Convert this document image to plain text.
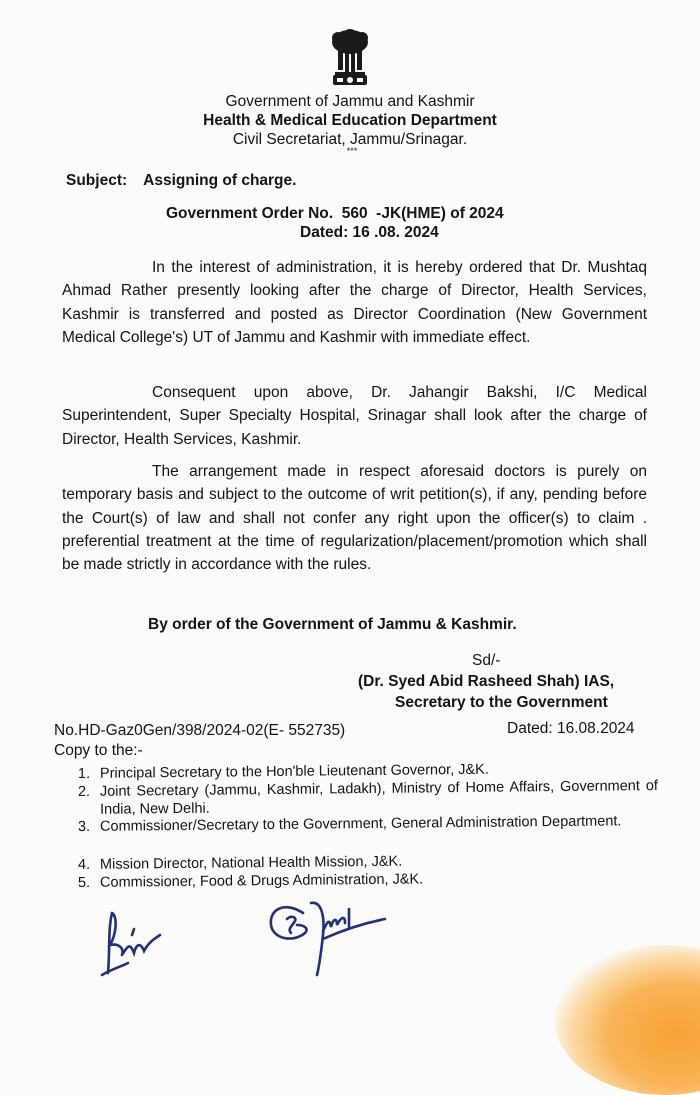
Government of Jammu and Kashmir
Health & Medical Education Department
Civil Secretariat, Jammu/Srinagar.
***
Subject: Assigning of charge.
Government Order No.  560  -JK(HME) of 2024
Dated: 16 .08. 2024

In the interest of administration, it is hereby ordered that Dr. Mushtaq Ahmad Rather presently looking after the charge of Director, Health Services, Kashmir is transferred and posted as Director Coordination (New Government Medical College's) UT of Jammu and Kashmir with immediate effect.

Consequent upon above, Dr. Jahangir Bakshi, I/C Medical Superintendent, Super Specialty Hospital, Srinagar shall look after the charge of Director, Health Services, Kashmir.

The arrangement made in respect aforesaid doctors is purely on temporary basis and subject to the outcome of writ petition(s), if any, pending before the Court(s) of law and shall not confer any right upon the officer(s) to claim . preferential treatment at the time of regularization/placement/promotion which shall be made strictly in accordance with the rules.

By order of the Government of Jammu & Kashmir.
Sd/-
(Dr. Syed Abid Rasheed Shah) IAS,
Secretary to the Government
No.HD-Gaz0Gen/398/2024-02(E- 552735)	Dated: 16.08.2024
Copy to the:-
1. Principal Secretary to the Hon'ble Lieutenant Governor, J&K.
2. Joint Secretary (Jammu, Kashmir, Ladakh), Ministry of Home Affairs, Government of India, New Delhi.
3. Commissioner/Secretary to the Government, General Administration Department.
4. Mission Director, National Health Mission, J&K.
5. Commissioner, Food & Drugs Administration, J&K.
